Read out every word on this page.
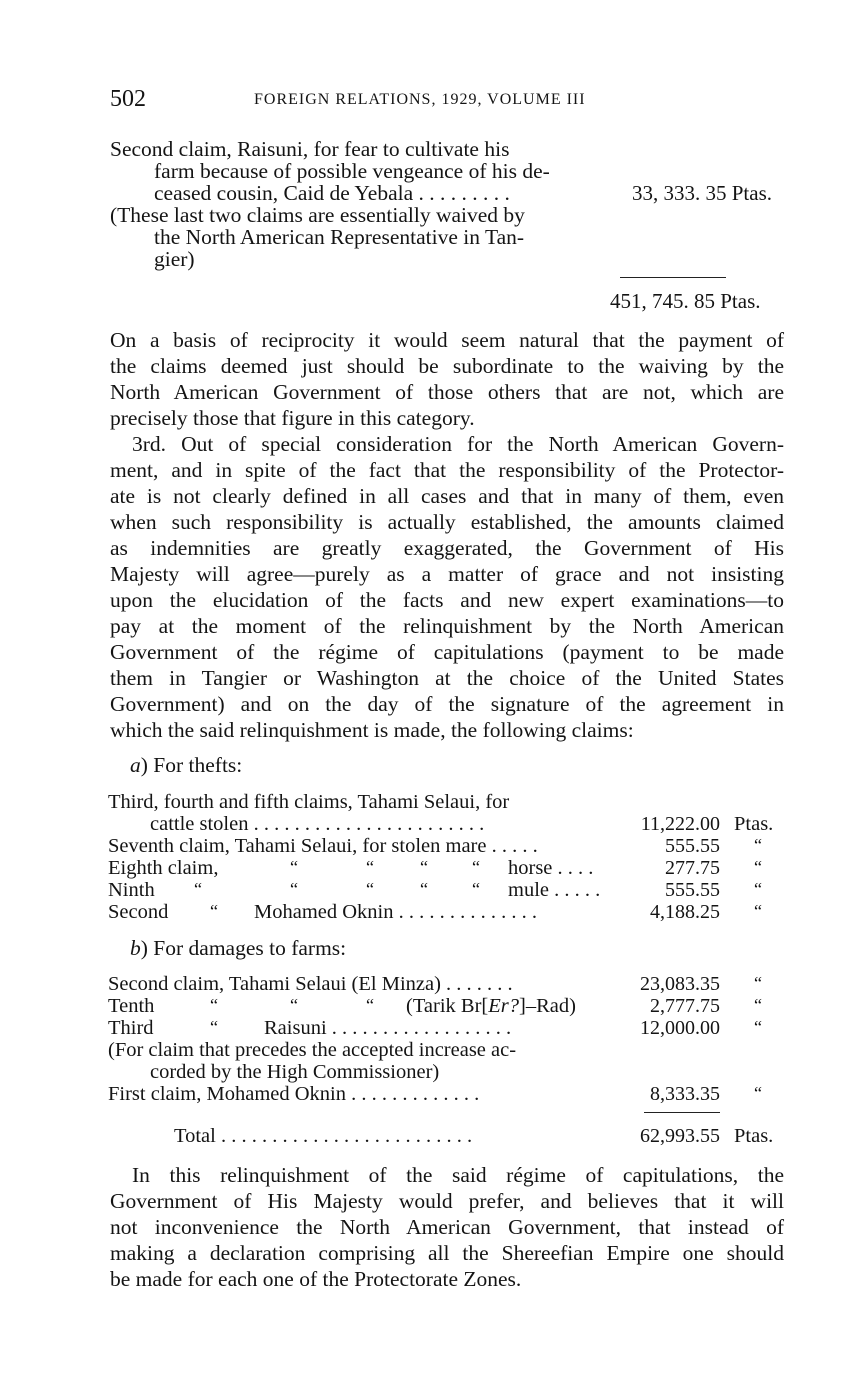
502	FOREIGN RELATIONS, 1929, VOLUME III
Second claim, Raisuni, for fear to cultivate his
farm because of possible vengeance of his de-
ceased cousin, Caid de Yebala . . . . . . . . .	33, 333. 35 Ptas.
(These last two claims are essentially waived by
the North American Representative in Tan-
gier)
451, 745. 85 Ptas.
On a basis of reciprocity it would seem natural that the payment of
the claims deemed just should be subordinate to the waiving by the
North American Government of those others that are not, which are
precisely those that figure in this category.
3rd. Out of special consideration for the North American Govern-
ment, and in spite of the fact that the responsibility of the Protector-
ate is not clearly defined in all cases and that in many of them, even
when such responsibility is actually established, the amounts claimed
as indemnities are greatly exaggerated, the Government of His
Majesty will agree—purely as a matter of grace and not insisting
upon the elucidation of the facts and new expert examinations—to
pay at the moment of the relinquishment by the North American
Government of the régime of capitulations (payment to be made
them in Tangier or Washington at the choice of the United States
Government) and on the day of the signature of the agreement in
which the said relinquishment is made, the following claims:
a) For thefts:
Third, fourth and fifth claims, Tahami Selaui, for
cattle stolen . . . . . . . . . . . . . . . . . . . . . . .	11,222.00 Ptas.
Seventh claim, Tahami Selaui, for stolen mare . . . . .	555.55 “
Eighth claim,	“	“	“ “ horse . . . .	277.75 “
Ninth “	“	“	“ “ mule . . . . .	555.55 “
Second “ Mohamed Oknin . . . . . . . . . . . . . .	4,188.25 “
b) For damages to farms:
Second claim, Tahami Selaui (El Minza) . . . . . . .	23,083.35 “
Tenth	“	“	“ (Tarik Br[Er?]–Rad)	2,777.75 “
Third	“ Raisuni . . . . . . . . . . . . . . . . . .	12,000.00 “
(For claim that precedes the accepted increase ac-
corded by the High Commissioner)
First claim, Mohamed Oknin . . . . . . . . . . . . .	8,333.35 “
Total . . . . . . . . . . . . . . . . . . . . . . . . .	62,993.55 Ptas.
In this relinquishment of the said régime of capitulations, the
Government of His Majesty would prefer, and believes that it will
not inconvenience the North American Government, that instead of
making a declaration comprising all the Shereefian Empire one should
be made for each one of the Protectorate Zones.
